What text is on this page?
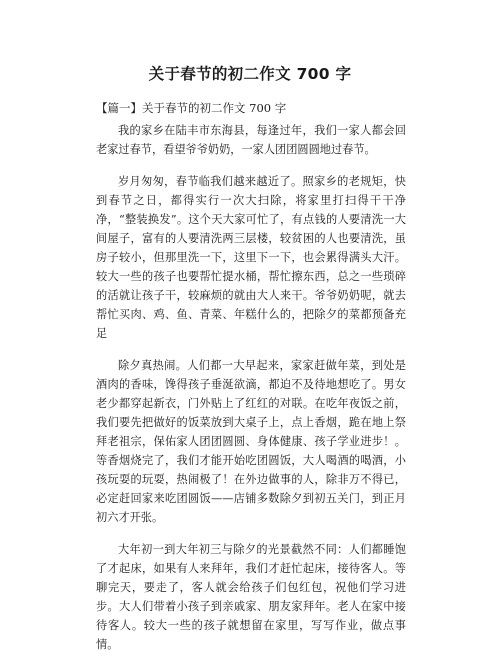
关于春节的初二作文 700 字
【篇一】关于春节的初二作文 700 字

我的家乡在陆丰市东海县，每逢过年，我们一家人都会回老家过春节，看望爷爷奶奶，一家人团团圆圆地过春节。

岁月匆匆，春节临我们越来越近了。照家乡的老规矩，快到春节之日，都得实行一次大扫除，将家里打扫得干干净净，“整装换发”。这个天大家可忙了，有点钱的人要清洗一大间屋子，富有的人要清洗两三层楼，较贫困的人也要清洗，虽房子较小，但那里洗一下，这里下一下，也会累得满头大汗。较大一些的孩子也要帮忙提水桶，帮忙擦东西，总之一些琐碎的活就让孩子干，较麻烦的就由大人来干。爷爷奶奶呢，就去帮忙买肉、鸡、鱼、青菜、年糕什么的，把除夕的菜都预备充足

除夕真热闹。人们都一大早起来，家家赶做年菜，到处是酒肉的香味，馋得孩子垂涎欲滴，都迫不及待地想吃了。男女老少都穿起新衣，门外贴上了红红的对联。在吃年夜饭之前，我们要先把做好的饭菜放到大桌子上，点上香烟，跪在地上祭拜老祖宗，保佑家人团团圆圆、身体健康、孩子学业进步！。等香烟烧完了，我们才能开始吃团圆饭，大人喝酒的喝酒，小孩玩耍的玩耍，热闹极了！在外边做事的人，除非万不得已，必定赶回家来吃团圆饭——店铺多数除夕到初五关门，到正月初六才开张。

大年初一到大年初三与除夕的光景截然不同：人们都睡饱了才起床，如果有人来拜年，我们才赶忙起床，接待客人。等聊完天，要走了，客人就会给孩子们包红包，祝他们学习进步。大人们带着小孩子到亲戚家、朋友家拜年。老人在家中接待客人。较大一些的孩子就想留在家里，写写作业，做点事情。
